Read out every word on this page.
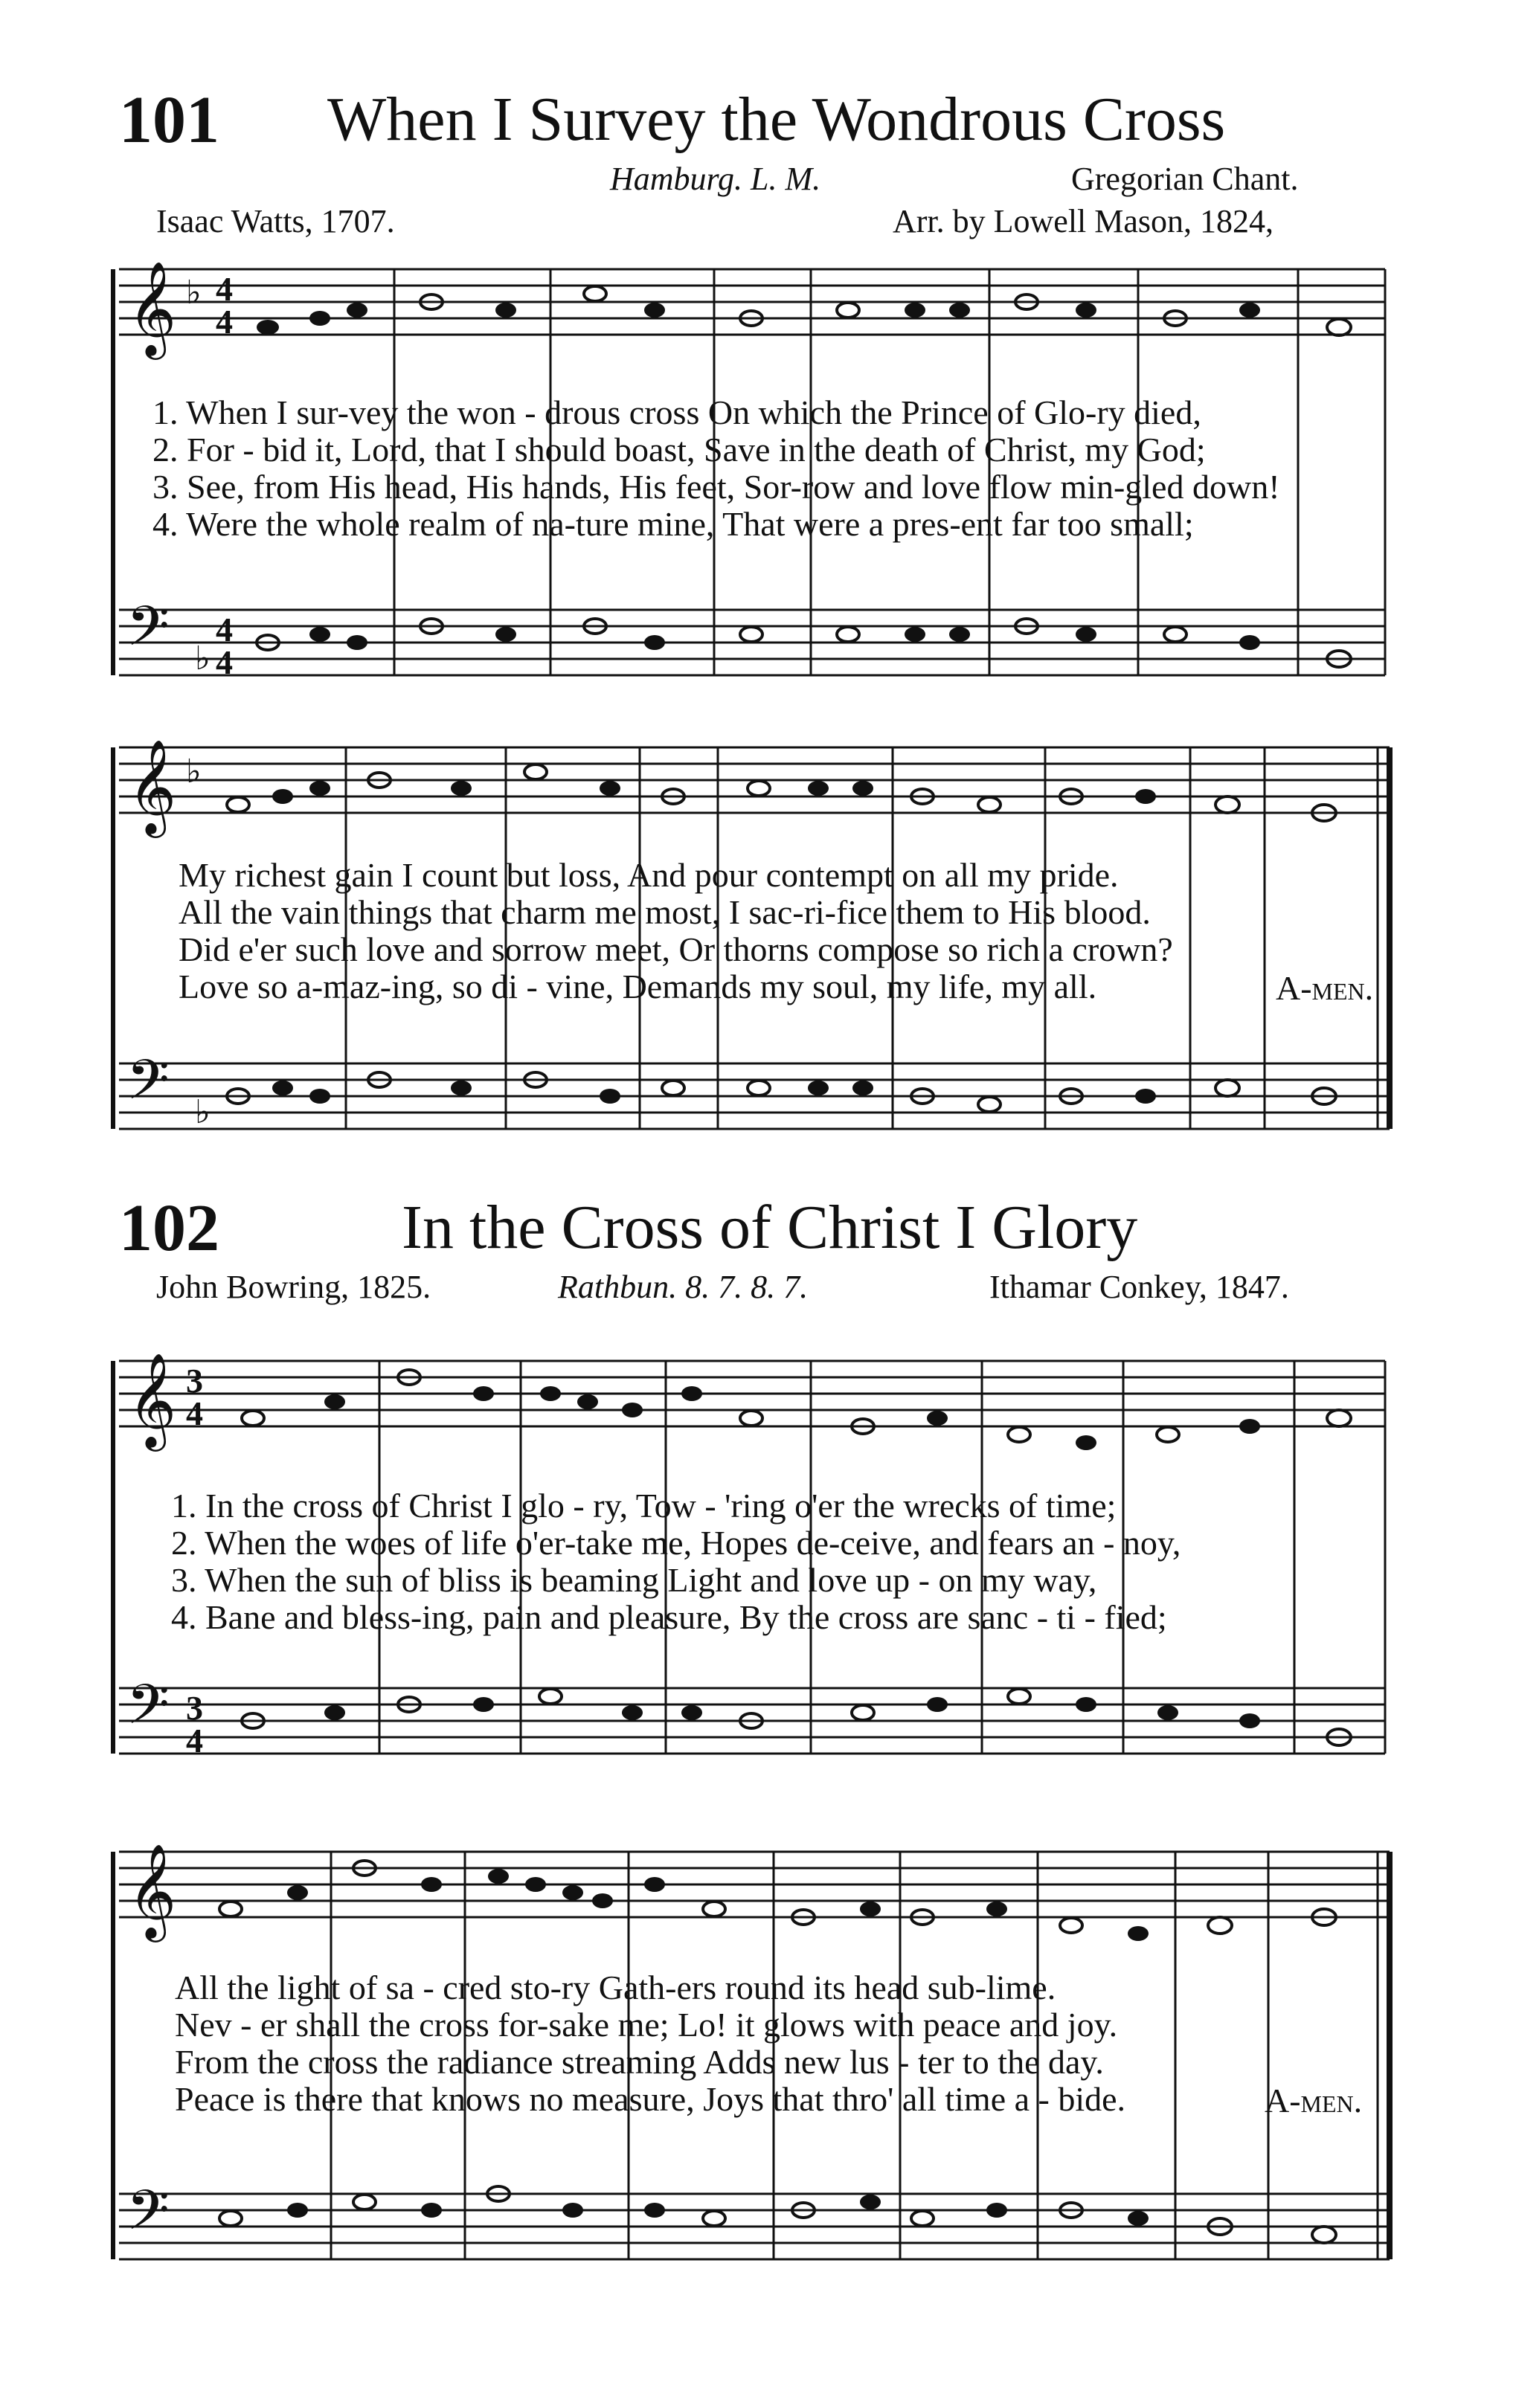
101 When I Survey the Wondrous Cross
Hamburg. L. M.	Gregorian Chant.
Isaac Watts, 1707.	Arr. by Lowell Mason, 1824,
𝄞 ♭ 4
4
𝄢 ♭
4
4
1. When I sur-vey the won - drous cross On which the Prince of Glo-ry died,
2. For - bid it, Lord, that I should boast, Save in the death of Christ, my God;
3. See, from His head, His hands, His feet, Sor-row and love flow min-gled down!
4. Were the whole realm of na-ture mine, That were a pres-ent far too small;
𝄞 ♭
𝄢 ♭
My richest gain I count but loss, And pour contempt on all my pride.
All the vain things that charm me most, I sac-ri-fice them to His blood.
Did e'er such love and sorrow meet, Or thorns compose so rich a crown?
Love so a-maz-ing, so di - vine, Demands my soul, my life, my all.	A-men.
102	In the Cross of Christ I Glory
John Bowring, 1825.	Rathbun. 8. 7. 8. 7.	Ithamar Conkey, 1847.
𝄞 3
4
𝄢 3
4
1. In the cross of Christ I glo - ry, Tow - 'ring o'er the wrecks of time;
2. When the woes of life o'er-take me, Hopes de-ceive, and fears an - noy,
3. When the sun of bliss is beaming Light and love up - on my way,
4. Bane and bless-ing, pain and pleasure, By the cross are sanc - ti - fied;
𝄞
𝄢
All the light of sa - cred sto-ry Gath-ers round its head sub-lime.
Nev - er shall the cross for-sake me; Lo! it glows with peace and joy.
From the cross the radiance streaming Adds new lus - ter to the day.
Peace is there that knows no measure, Joys that thro' all time a - bide.	A-men.
